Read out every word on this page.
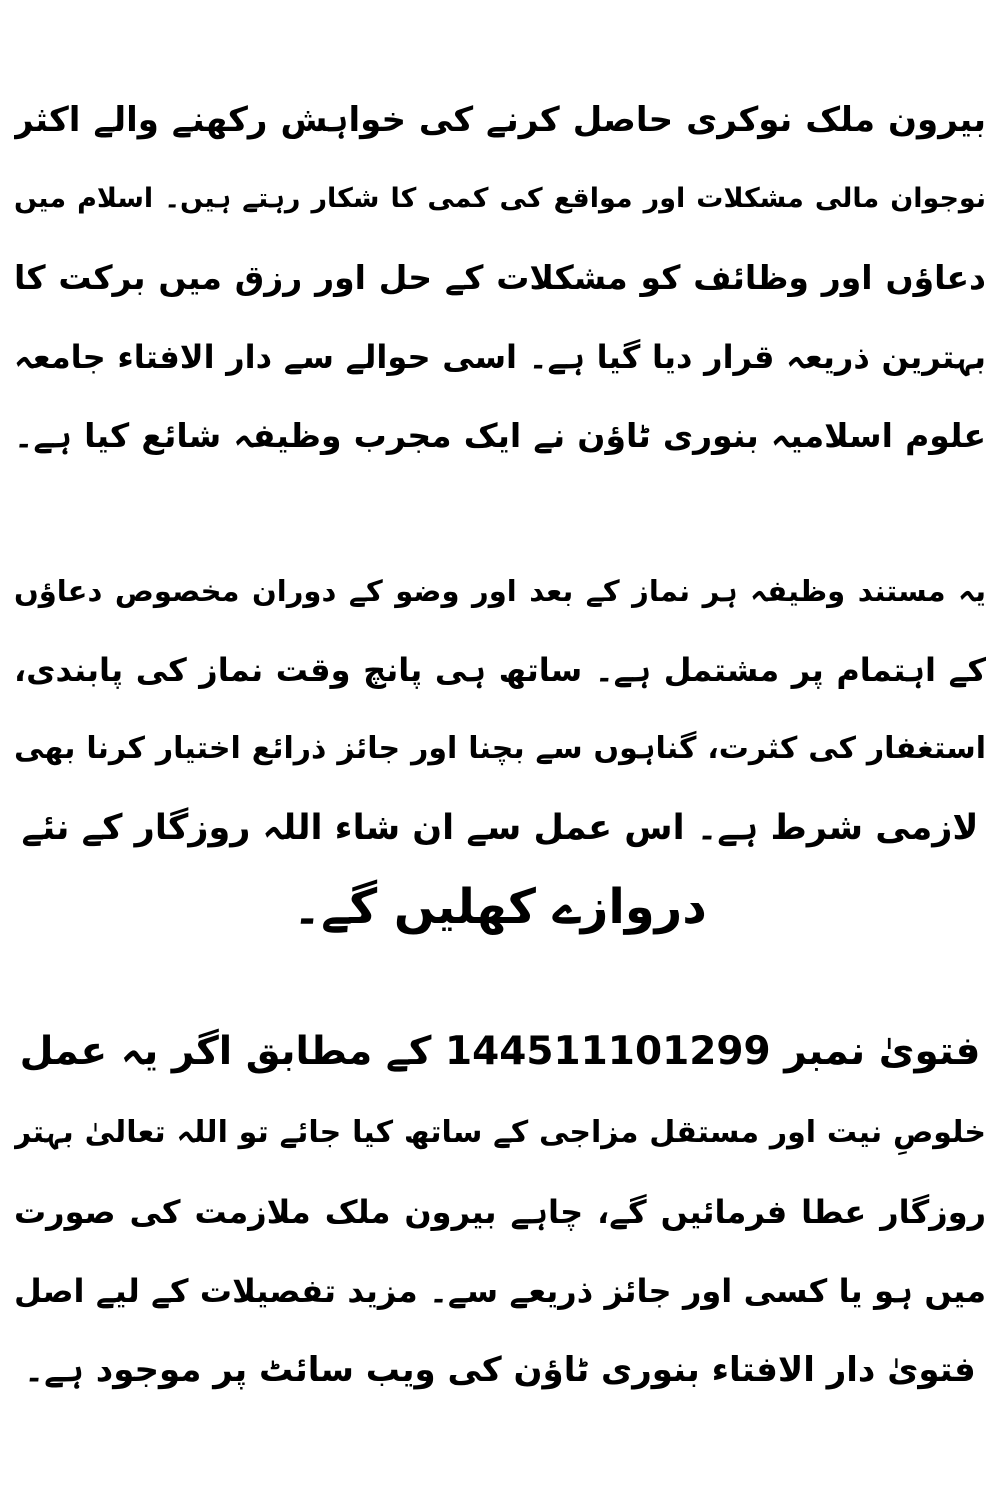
بیرون ملک نوکری حاصل کرنے کی خواہش رکھنے والے اکثر
نوجوان مالی مشکلات اور مواقع کی کمی کا شکار رہتے ہیں۔ اسلام میں
دعاؤں اور وظائف کو مشکلات کے حل اور رزق میں برکت کا
بہترین ذریعہ قرار دیا گیا ہے۔ اسی حوالے سے دار الافتاء جامعہ
علوم اسلامیہ بنوری ٹاؤن نے ایک مجرب وظیفہ شائع کیا ہے۔
یہ مستند وظیفہ ہر نماز کے بعد اور وضو کے دوران مخصوص دعاؤں
کے اہتمام پر مشتمل ہے۔ ساتھ ہی پانچ وقت نماز کی پابندی،
استغفار کی کثرت، گناہوں سے بچنا اور جائز ذرائع اختیار کرنا بھی
لازمی شرط ہے۔ اس عمل سے ان شاء اللہ روزگار کے نئے
دروازے کھلیں گے۔
فتویٰ نمبر 144511101299 کے مطابق اگر یہ عمل
خلوصِ نیت اور مستقل مزاجی کے ساتھ کیا جائے تو اللہ تعالیٰ بہتر
روزگار عطا فرمائیں گے، چاہے بیرون ملک ملازمت کی صورت
میں ہو یا کسی اور جائز ذریعے سے۔ مزید تفصیلات کے لیے اصل
فتویٰ دار الافتاء بنوری ٹاؤن کی ویب سائٹ پر موجود ہے۔
